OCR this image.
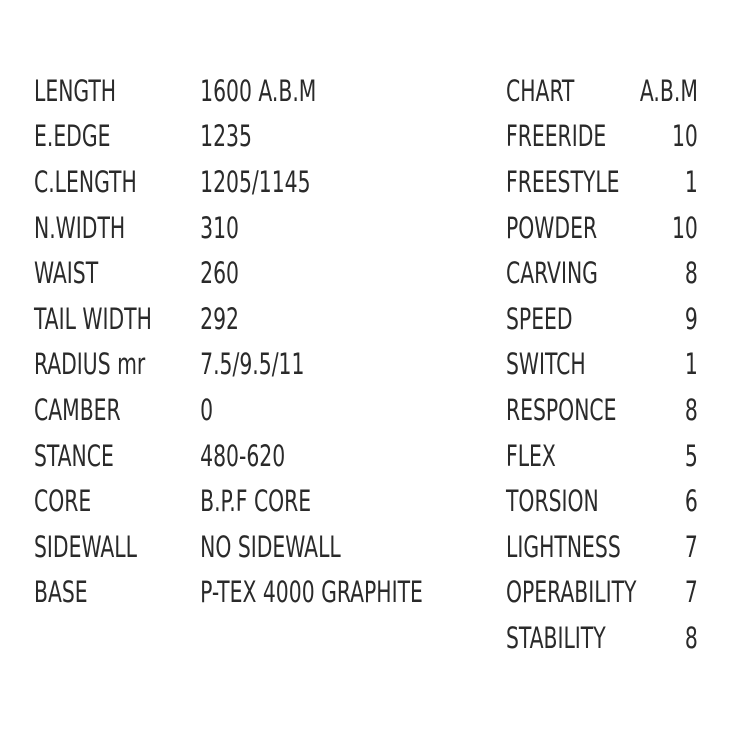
LENGTH	1600 A.B.M
E.EDGE	1235
C.LENGTH	1205/1145
N.WIDTH	310
WAIST	260
TAIL WIDTH	292
RADIUS mr	7.5/9.5/11
CAMBER	0
STANCE	480-620
CORE	B.P.F CORE
SIDEWALL	NO SIDEWALL
BASE	P-TEX 4000 GRAPHITE
CHART A.B.M
FREERIDE 10
FREESTYLE 1
POWDER	10
CARVING	8
SPEED	9
SWITCH	1
RESPONCE 8
FLEX	5
TORSION	6
LIGHTNESS 7
OPERABILITY 7
STABILITY	8
